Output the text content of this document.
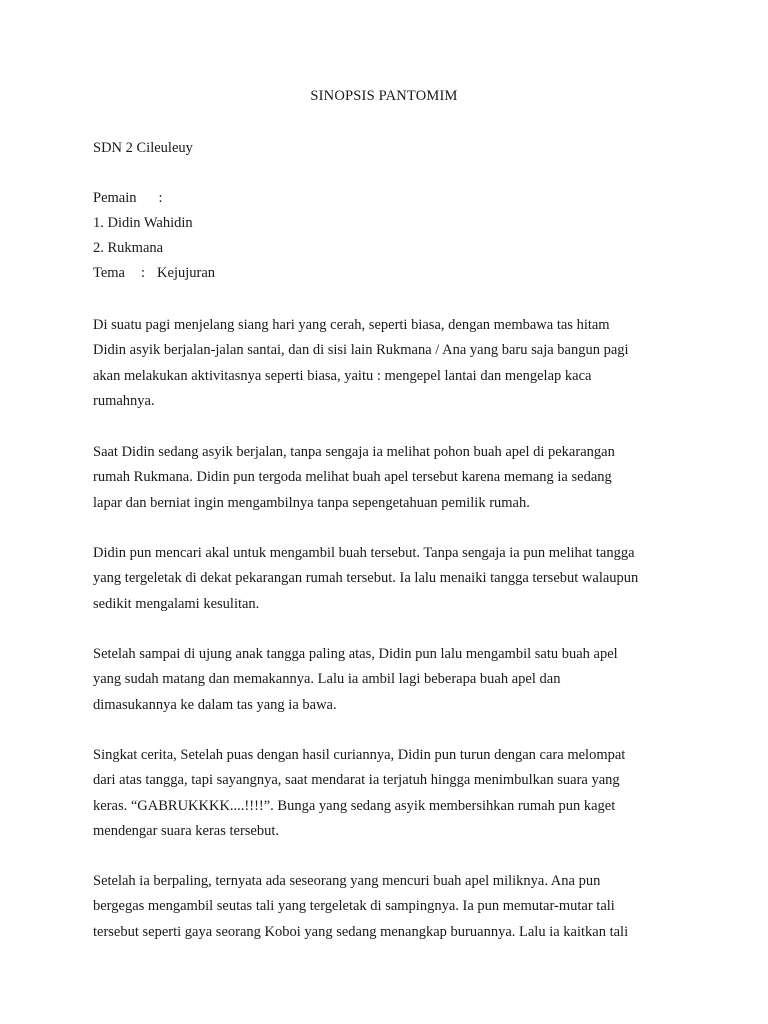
SINOPSIS PANTOMIM
SDN 2 Cileuleuy
Pemain :
1. Didin Wahidin
2. Rukmana
Tema : Kejujuran
Di suatu pagi menjelang siang hari yang cerah, seperti biasa, dengan membawa tas hitam
Didin asyik berjalan-jalan santai, dan di sisi lain Rukmana / Ana yang baru saja bangun pagi
akan melakukan aktivitasnya seperti biasa, yaitu : mengepel lantai dan mengelap kaca
rumahnya.
Saat Didin sedang asyik berjalan, tanpa sengaja ia melihat pohon buah apel di pekarangan
rumah Rukmana. Didin pun tergoda melihat buah apel tersebut karena memang ia sedang
lapar dan berniat ingin mengambilnya tanpa sepengetahuan pemilik rumah.
Didin pun mencari akal untuk mengambil buah tersebut. Tanpa sengaja ia pun melihat tangga
yang tergeletak di dekat pekarangan rumah tersebut. Ia lalu menaiki tangga tersebut walaupun
sedikit mengalami kesulitan.
Setelah sampai di ujung anak tangga paling atas, Didin pun lalu mengambil satu buah apel
yang sudah matang dan memakannya. Lalu ia ambil lagi beberapa buah apel dan
dimasukannya ke dalam tas yang ia bawa.
Singkat cerita, Setelah puas dengan hasil curiannya, Didin pun turun dengan cara melompat
dari atas tangga, tapi sayangnya, saat mendarat ia terjatuh hingga menimbulkan suara yang
keras. “GABRUKKKK....!!!!”. Bunga yang sedang asyik membersihkan rumah pun kaget
mendengar suara keras tersebut.
Setelah ia berpaling, ternyata ada seseorang yang mencuri buah apel miliknya. Ana pun
bergegas mengambil seutas tali yang tergeletak di sampingnya. Ia pun memutar-mutar tali
tersebut seperti gaya seorang Koboi yang sedang menangkap buruannya. Lalu ia kaitkan tali
